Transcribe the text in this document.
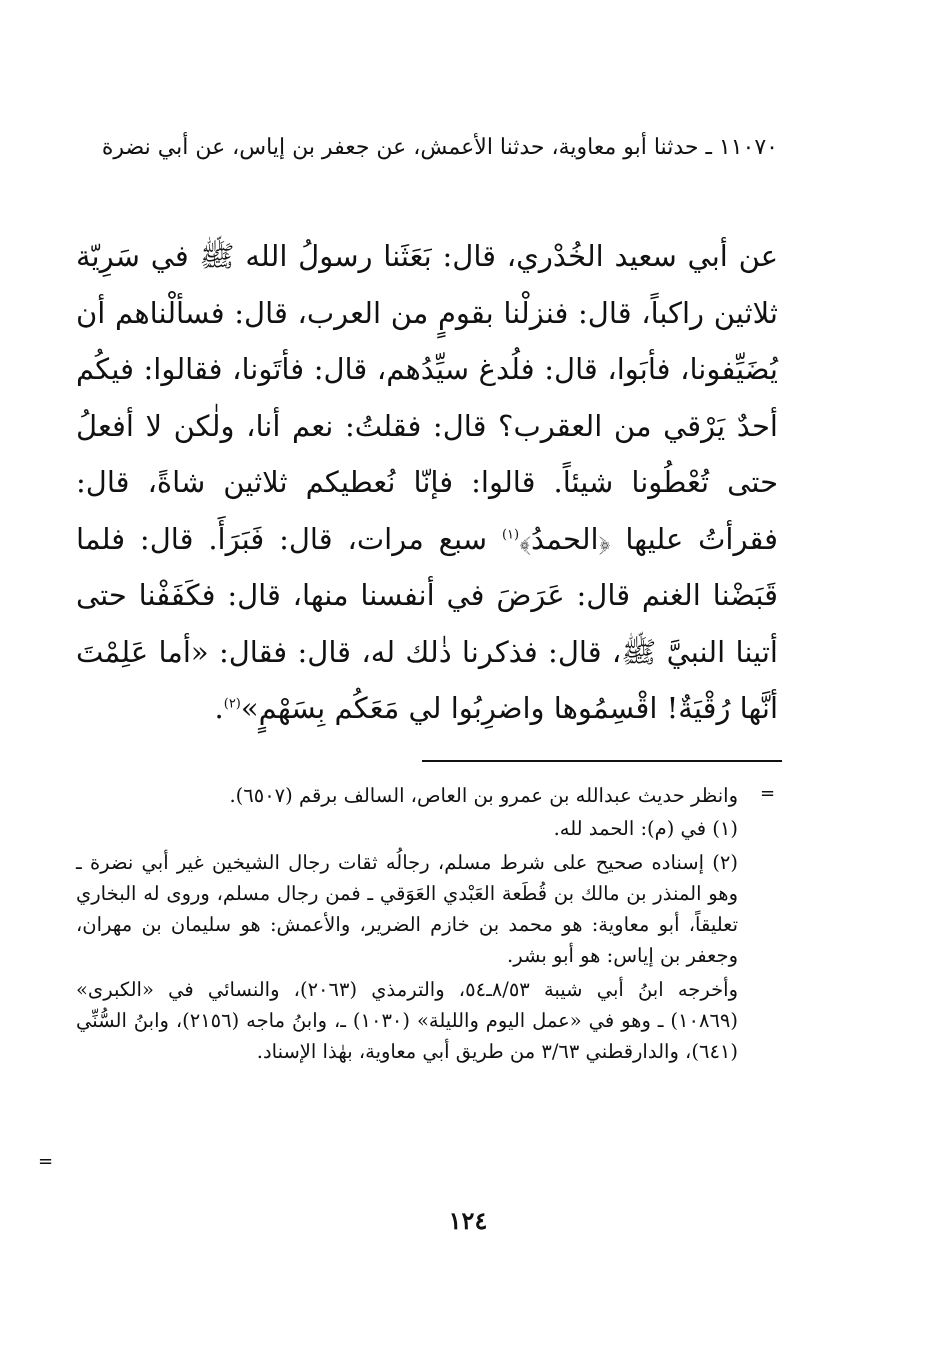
١١٠٧٠ ـ حدثنا أبو معاوية، حدثنا الأعمش، عن جعفر بن إياس، عن أبي نضرة
عن أبي سعيد الخُدْري، قال: بَعَثَنا رسولُ الله ﷺ في سَرِيّة ثلاثين راكباً، قال: فنزلْنا بقومٍ من العرب، قال: فسألْناهم أن يُضَيِّفونا، فأبَوا، قال: فلُدغ سيِّدُهم، قال: فأتَونا، فقالوا: فيكُم أحدٌ يَرْقي من العقرب؟ قال: فقلتُ: نعم أنا، ولٰكن لا أفعلُ حتى تُعْطُونا شيئاً. قالوا: فإنّا نُعطيكم ثلاثين شاةً، قال: فقرأتُ عليها ﴿الحمدُ﴾$^{(١)}$ سبع مرات، قال: فَبَرَأَ. قال: فلما قَبَضْنا الغنم قال: عَرَضَ في أنفسنا منها، قال: فكَفَفْنا حتى أتينا النبيَّ ﷺ، قال: فذكرنا ذٰلك له، قال: فقال: «أما عَلِمْتَ أنَّها رُقْيَةٌ! اقْسِمُوها واضرِبُوا لي مَعَكُم بِسَهْمٍ»$^{(٢)}$.
=

وانظر حديث عبدالله بن عمرو بن العاص، السالف برقم (٦٥٠٧).

(١) في (م): الحمد لله.

(٢) إسناده صحيح على شرط مسلم، رجالُه ثقات رجال الشيخين غير أبي نضرة ـ وهو المنذر بن مالك بن قُطَعة العَبْدي العَوَقي ـ فمن رجال مسلم، وروى له البخاري تعليقاً، أبو معاوية: هو محمد بن خازم الضرير، والأعمش: هو سليمان بن مهران، وجعفر بن إياس: هو أبو بشر.

وأخرجه ابنُ أبي شيبة ٨/٥٣ـ٥٤، والترمذي (٢٠٦٣)، والنسائي في «الكبرى» (١٠٨٦٩) ـ وهو في «عمل اليوم والليلة» (١٠٣٠) ـ، وابنُ ماجه (٢١٥٦)، وابنُ السُّنِّي (٦٤١)، والدارقطني ٣/٦٣ من طريق أبي معاوية، بهٰذا الإسناد.

=
١٢٤
